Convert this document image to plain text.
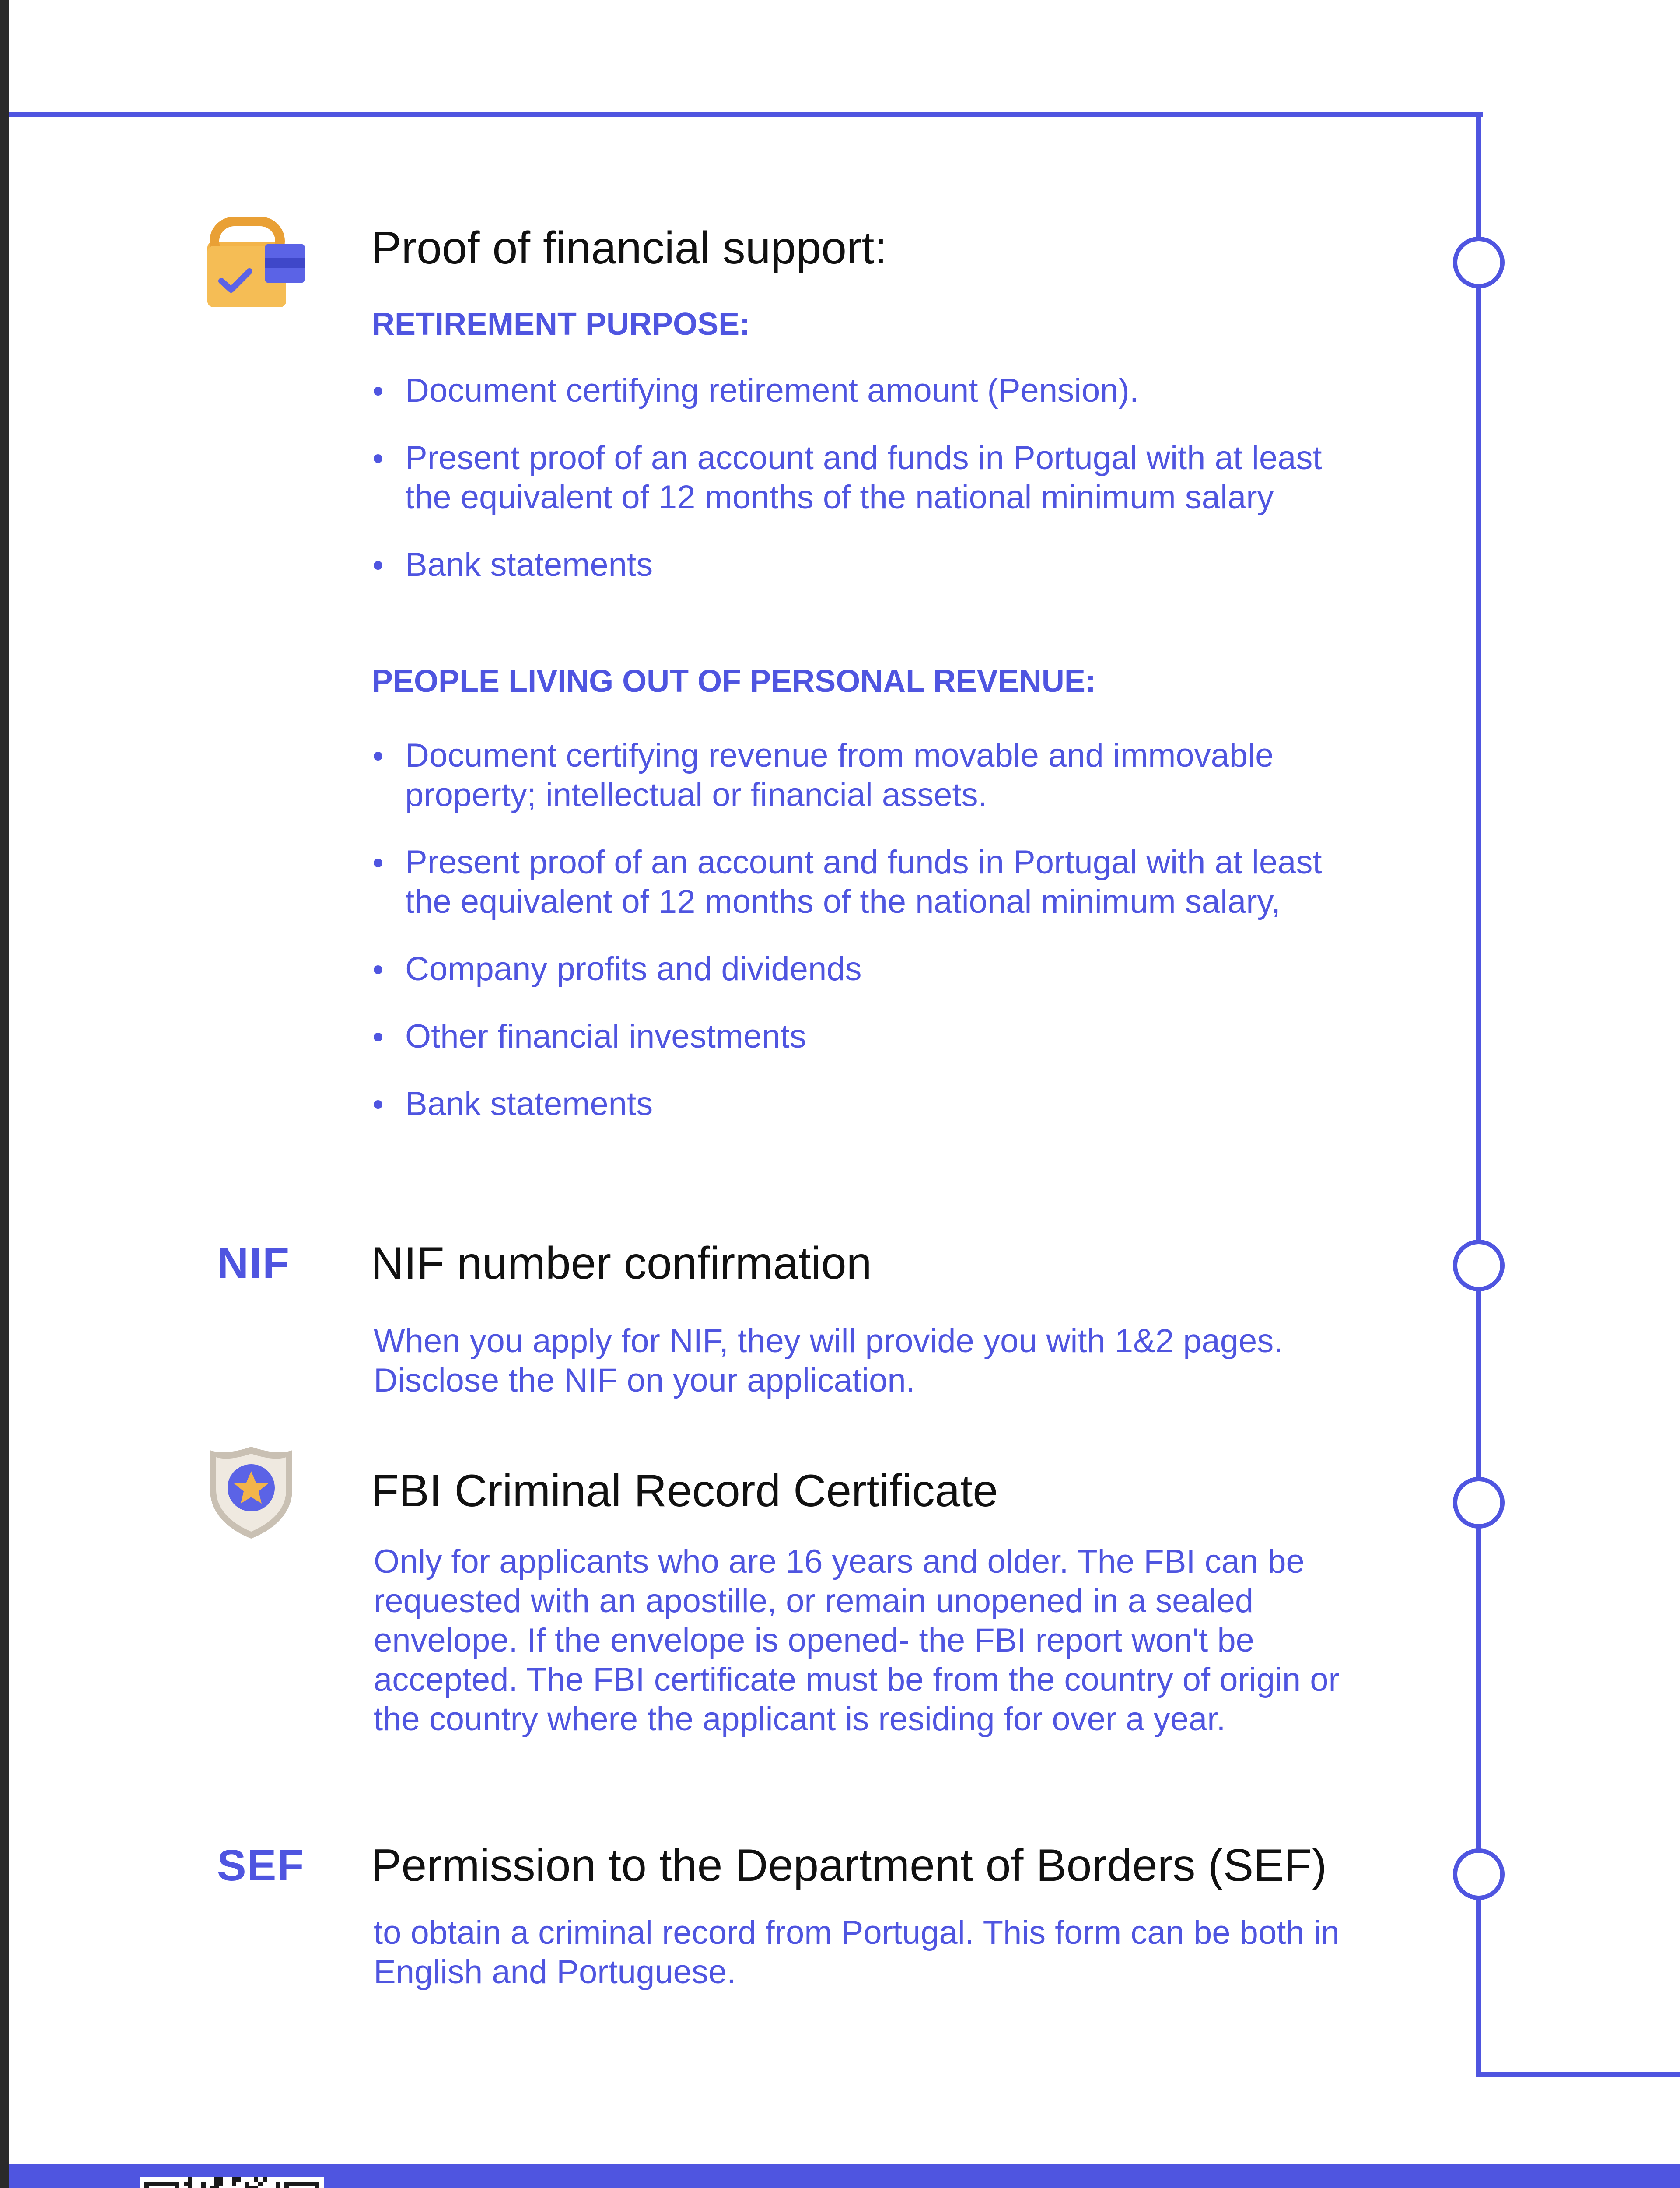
Proof of financial support:
RETIREMENT PURPOSE:
Document certifying retirement amount (Pension).
Present proof of an account and funds in Portugal with at least the equivalent of 12 months of the national minimum salary
Bank statements
PEOPLE LIVING OUT OF PERSONAL REVENUE:
Document certifying revenue from movable and immovable property; intellectual or financial assets.
Present proof of an account and funds in Portugal with at least the equivalent of 12 months of the national minimum salary,
Company profits and dividends
Other financial investments
Bank statements
NIF NIF number confirmation

When you apply for NIF, they will provide you with 1&2 pages. Disclose the NIF on your application.

FBI Criminal Record Certificate

Only for applicants who are 16 years and older. The FBI can be requested with an apostille, or remain unopened in a sealed envelope. If the envelope is opened- the FBI report won't be accepted. The FBI certificate must be from the country of origin or the country where the applicant is residing for over a year.

SEF Permission to the Department of Borders (SEF)

to obtain a criminal record from Portugal. This form can be both in English and Portuguese.
